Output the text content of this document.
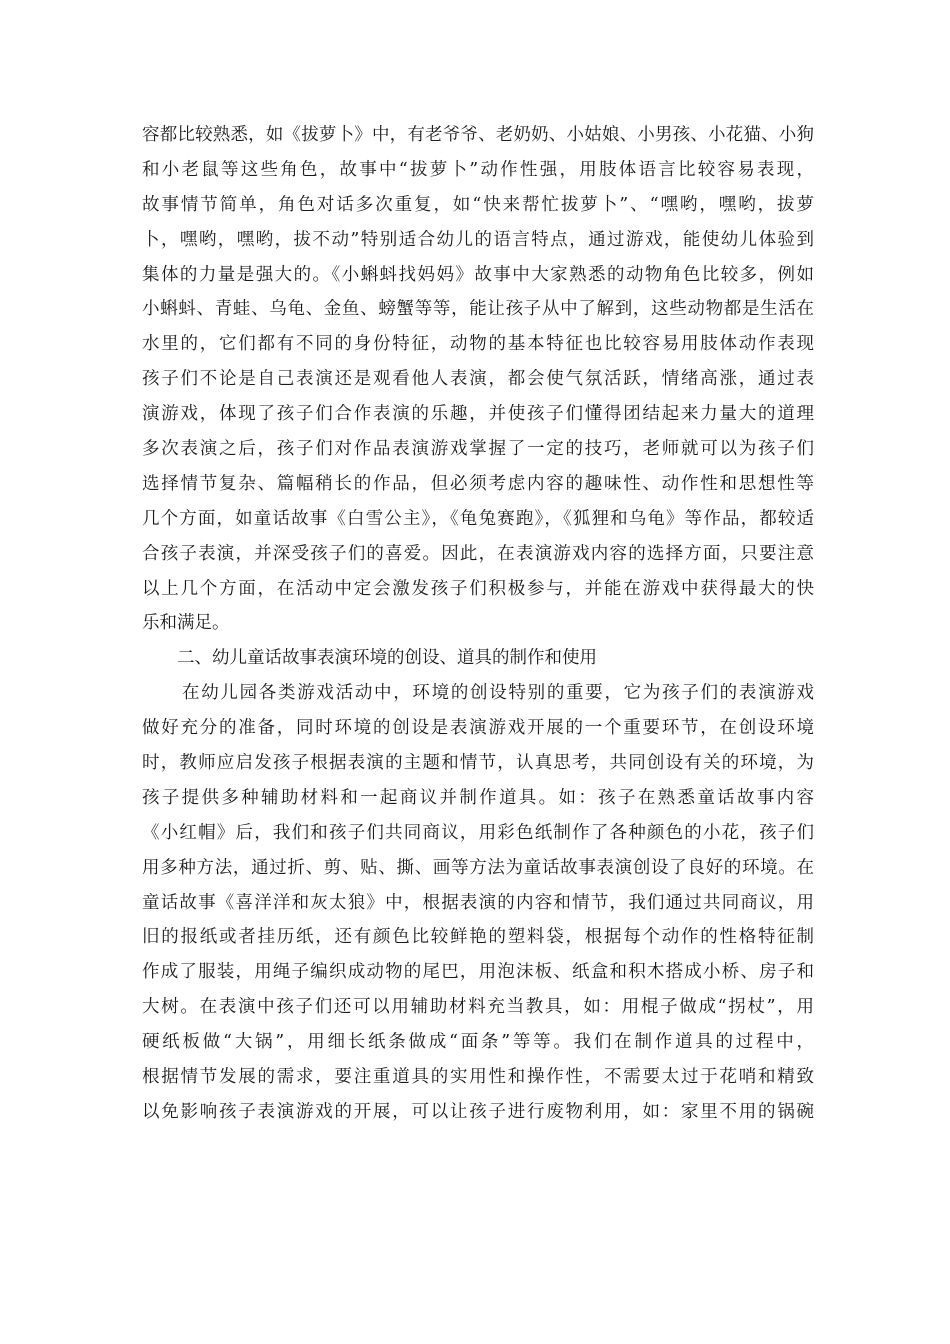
容都比较熟悉，如《拔萝卜》中，有老爷爷、老奶奶、小姑娘、小男孩、小花猫、小狗
和小老鼠等这些角色，故事中“拔萝卜”动作性强，用肢体语言比较容易表现，
故事情节简单，角色对话多次重复，如“快来帮忙拔萝卜”、“嘿哟，嘿哟，拔萝
卜，嘿哟，嘿哟，拔不动”特别适合幼儿的语言特点，通过游戏，能使幼儿体验到
集体的力量是强大的。《小蝌蚪找妈妈》故事中大家熟悉的动物角色比较多，例如
小蝌蚪、青蛙、乌龟、金鱼、螃蟹等等，能让孩子从中了解到，这些动物都是生活在
水里的，它们都有不同的身份特征，动物的基本特征也比较容易用肢体动作表现
孩子们不论是自己表演还是观看他人表演，都会使气氛活跃，情绪高涨，通过表
演游戏，体现了孩子们合作表演的乐趣，并使孩子们懂得团结起来力量大的道理
多次表演之后，孩子们对作品表演游戏掌握了一定的技巧，老师就可以为孩子们
选择情节复杂、篇幅稍长的作品，但必须考虑内容的趣味性、动作性和思想性等
几个方面，如童话故事《白雪公主》，《龟兔赛跑》，《狐狸和乌龟》等作品，都较适
合孩子表演，并深受孩子们的喜爱。因此，在表演游戏内容的选择方面，只要注意
以上几个方面，在活动中定会激发孩子们积极参与，并能在游戏中获得最大的快
乐和满足。
二、幼儿童话故事表演环境的创设、道具的制作和使用
在幼儿园各类游戏活动中，环境的创设特别的重要，它为孩子们的表演游戏
做好充分的准备，同时环境的创设是表演游戏开展的一个重要环节，在创设环境
时，教师应启发孩子根据表演的主题和情节，认真思考，共同创设有关的环境，为
孩子提供多种辅助材料和一起商议并制作道具。如：孩子在熟悉童话故事内容
《小红帽》后，我们和孩子们共同商议，用彩色纸制作了各种颜色的小花，孩子们
用多种方法，通过折、剪、贴、撕、画等方法为童话故事表演创设了良好的环境。在
童话故事《喜洋洋和灰太狼》中，根据表演的内容和情节，我们通过共同商议，用
旧的报纸或者挂历纸，还有颜色比较鲜艳的塑料袋，根据每个动作的性格特征制
作成了服装，用绳子编织成动物的尾巴，用泡沫板、纸盒和积木搭成小桥、房子和
大树。在表演中孩子们还可以用辅助材料充当教具，如：用棍子做成“拐杖”，用
硬纸板做“大锅”，用细长纸条做成“面条”等等。我们在制作道具的过程中，
根据情节发展的需求，要注重道具的实用性和操作性，不需要太过于花哨和精致
以免影响孩子表演游戏的开展，可以让孩子进行废物利用，如：家里不用的锅碗
